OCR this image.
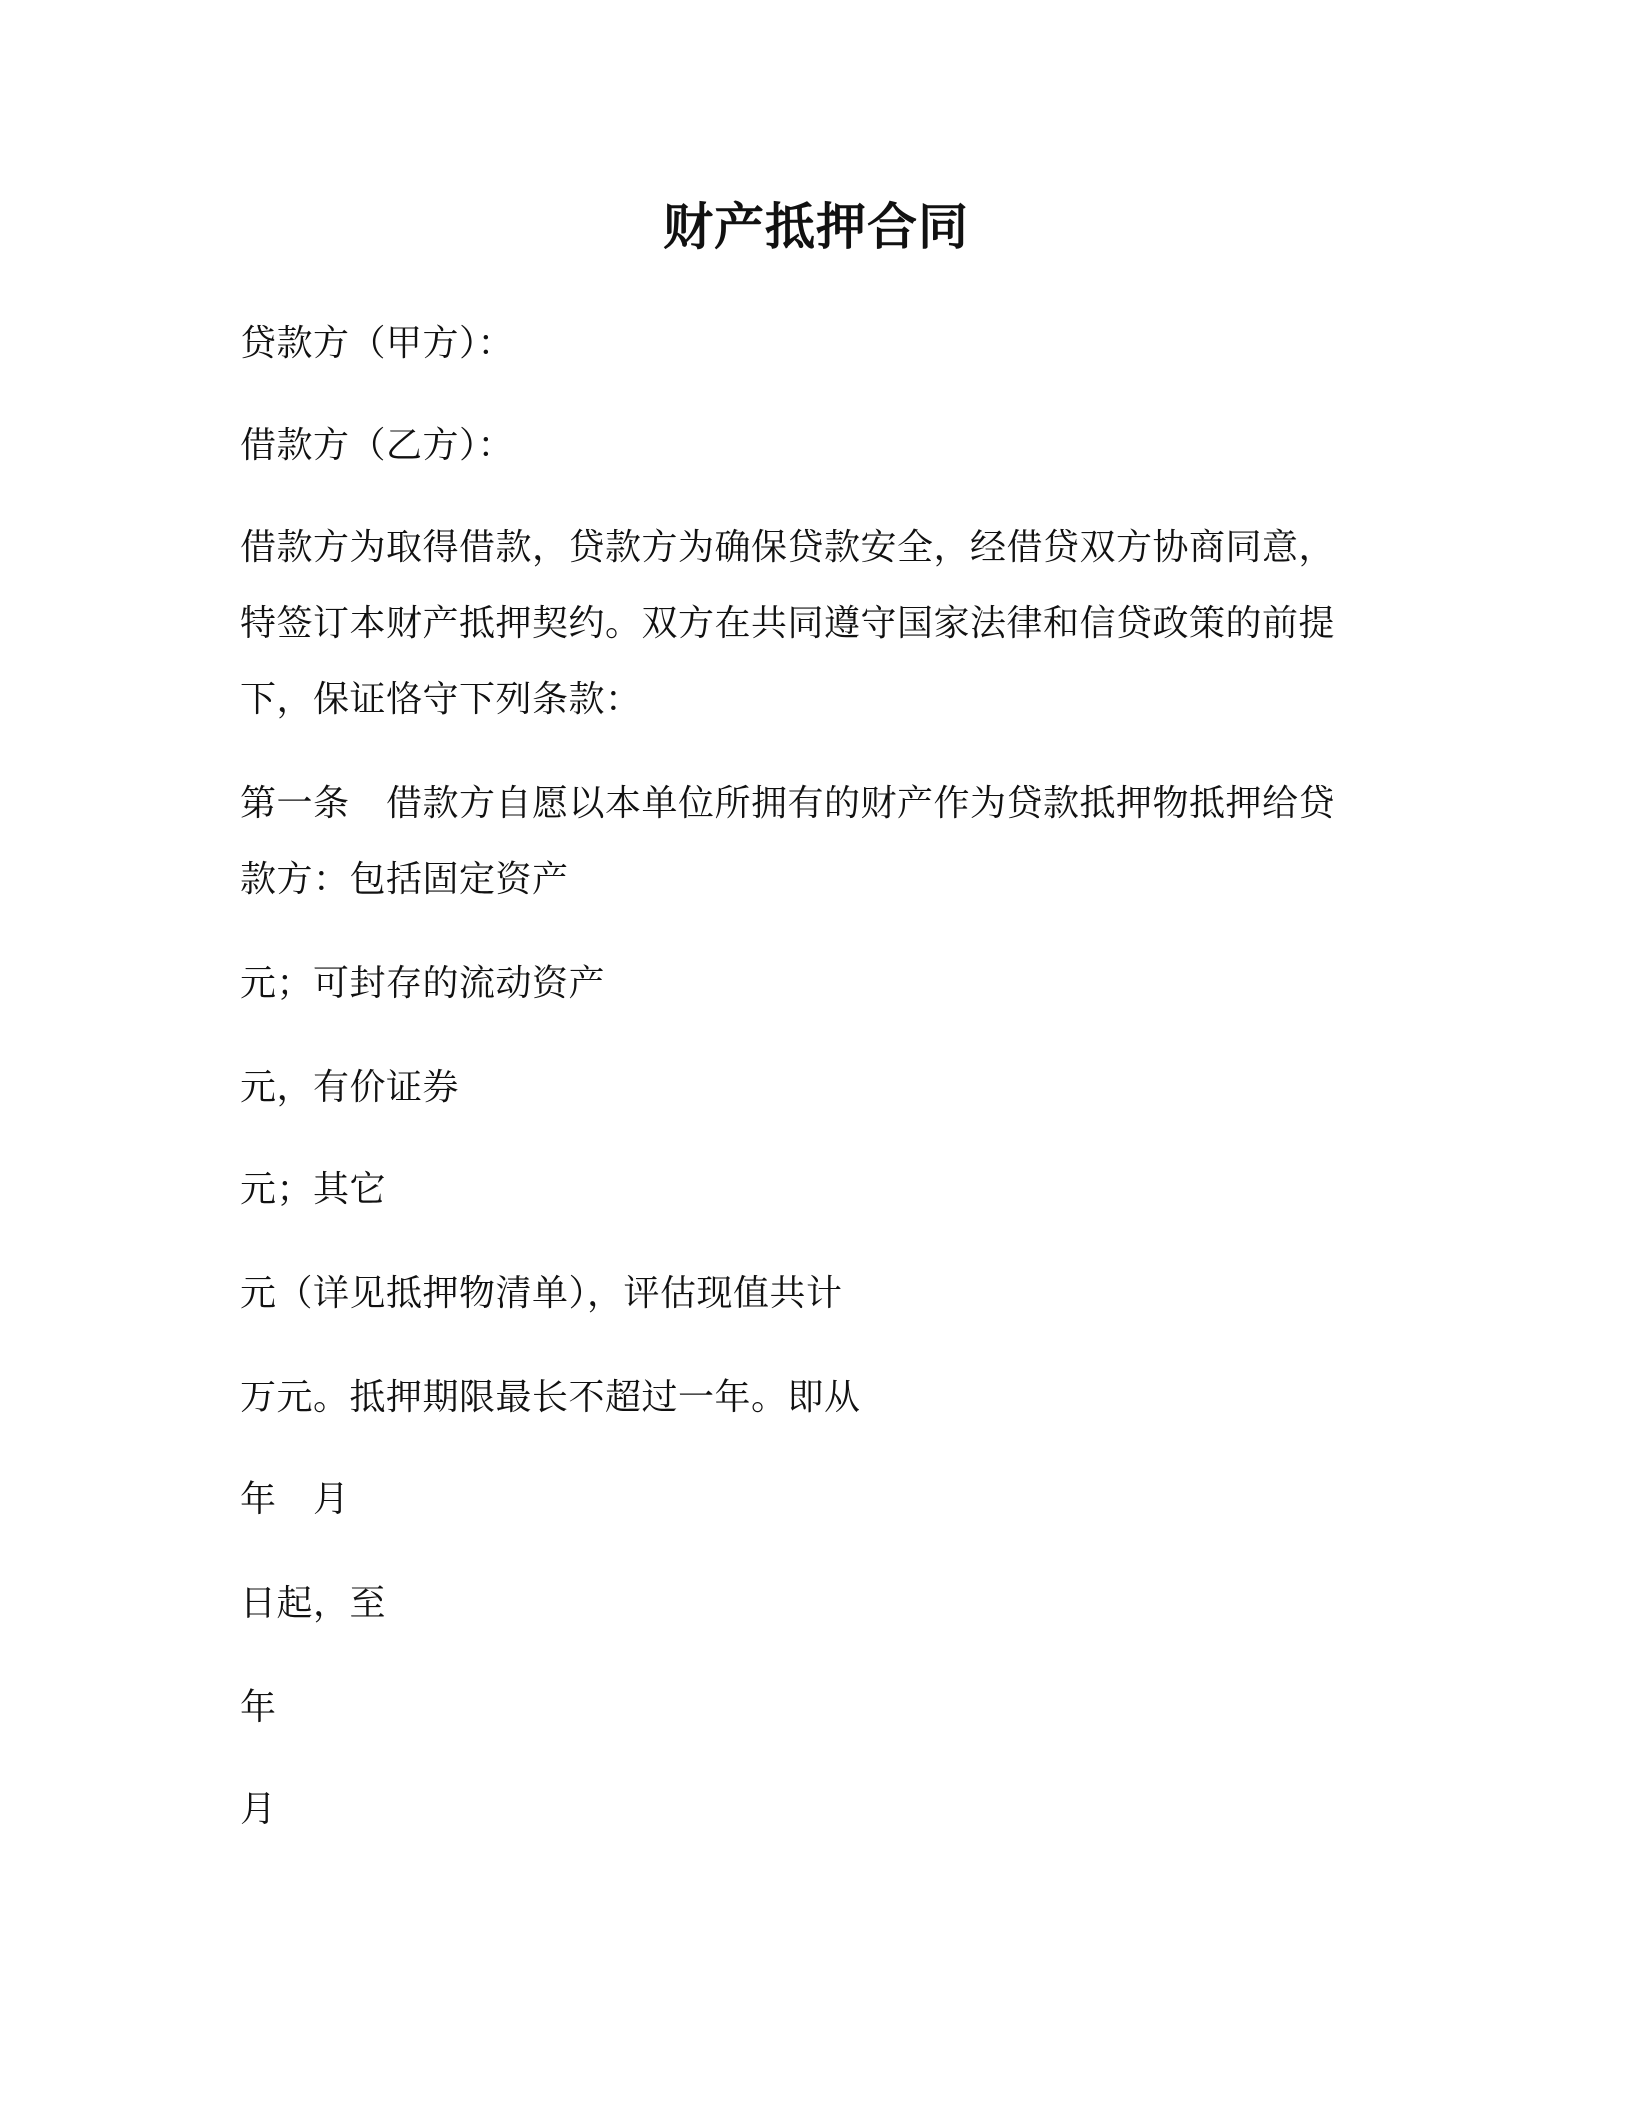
财产抵押合同
贷款方（甲方）：
借款方（乙方）：
借款方为取得借款，贷款方为确保贷款安全，经借贷双方协商同意，
特签订本财产抵押契约。双方在共同遵守国家法律和信贷政策的前提
下，保证恪守下列条款：
第一条　借款方自愿以本单位所拥有的财产作为贷款抵押物抵押给贷
款方：包括固定资产
元；可封存的流动资产
元，有价证券
元；其它
元（详见抵押物清单），评估现值共计
万元。抵押期限最长不超过一年。即从
年　月
日起，至
年
月
